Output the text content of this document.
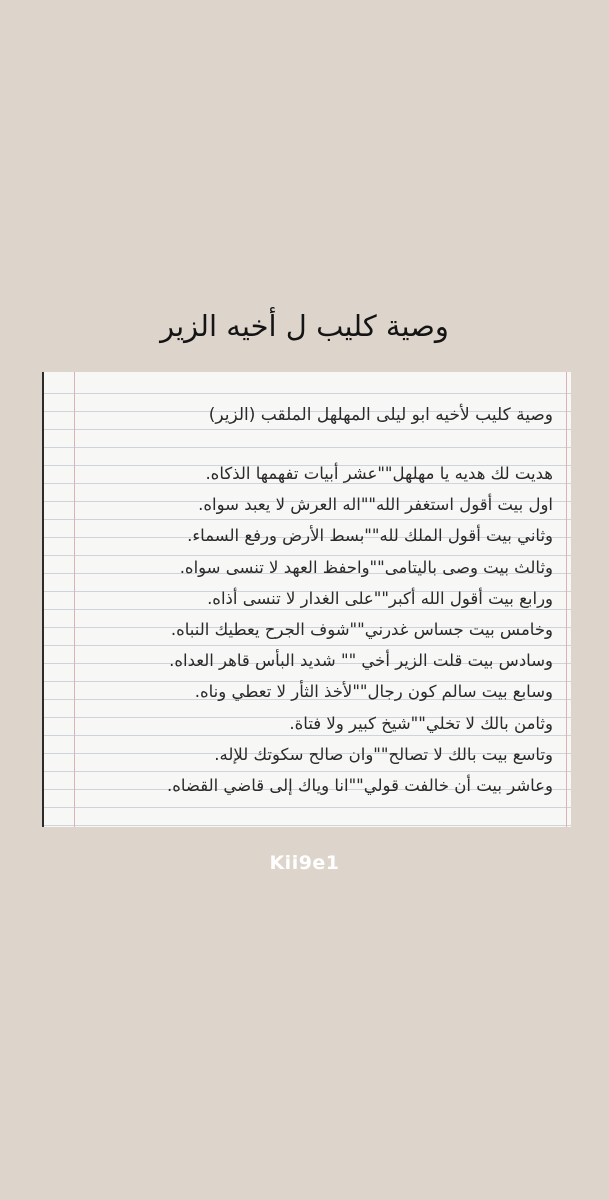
وصية كليب ل أخيه الزير
وصية كليب لأخيه ابو ليلى المهلهل الملقب (الزير)
هديت لك هديه يا مهلهل""عشر أبيات تفهمها الذكاه.
اول بيت أقول استغفر الله""اله العرش لا يعبد سواه.
وثاني بيت أقول الملك لله""بسط الأرض ورفع السماء.
وثالث بيت وصى باليتامى""واحفظ العهد لا تنسى سواه.
ورابع بيت أقول الله أكبر""على الغدار لا تنسى أذاه.
وخامس بيت جساس غدرني""شوف الجرح يعطيك النباه.
وسادس بيت قلت الزير أخي "" شديد البأس قاهر العداه.
وسابع بيت سالم كون رجال""لأخذ الثأر لا تعطي وناه.
وثامن بالك لا تخلي""شيخ كبير ولا فتاة.
وتاسع بيت بالك لا تصالح""وان صالح سكوتك للإله.
وعاشر بيت أن خالفت قولي""انا وياك إلى قاضي القضاه.
Kii9e1
